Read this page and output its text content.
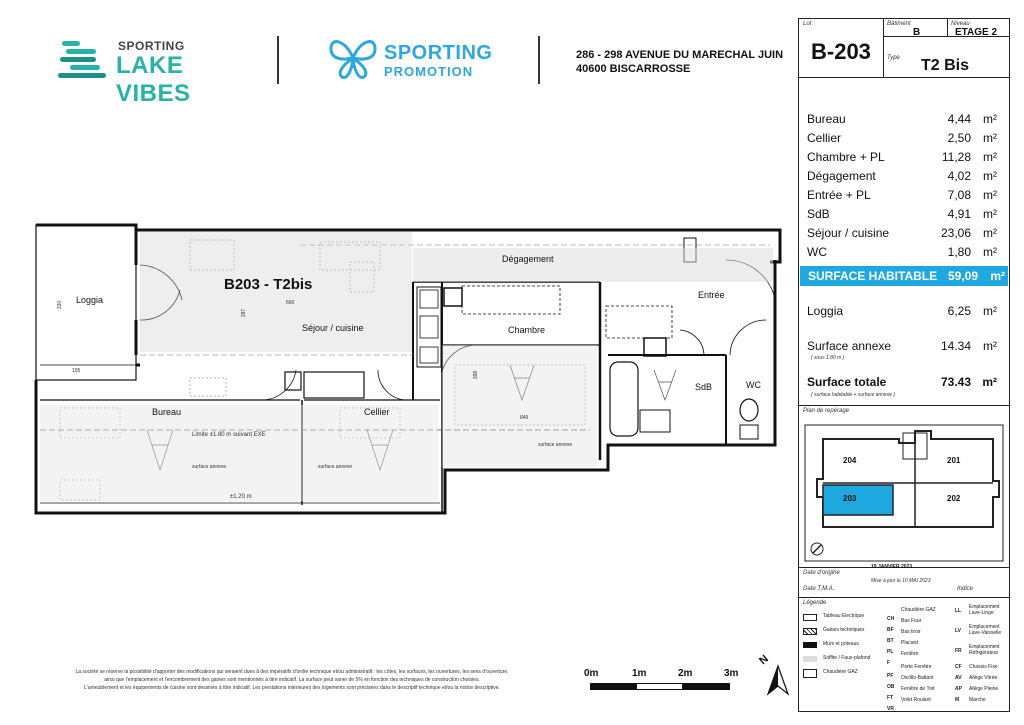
SPORTING
LAKE VIBES
SPORTING
PROMOTION
286 - 298 AVENUE DU MARECHAL JUIN
40600 BISCARROSSE
Lot
B-203
Bâtiment
B
Niveau
ETAGE 2
Type T2 Bis
Bureau	4,44 m²
Cellier	2,50 m²
Chambre + PL	11,28 m²
Dégagement	4,02 m²
Entrée + PL	7,08 m²
SdB	4,91 m²
Séjour / cuisine	23,06 m²
WC	1,80 m²
SURFACE HABITABLE 59,09 m²
Loggia	6,25 m²
Surface annexe	14.34 m²
( sous 1.80 m )
Surface totale	73.43 m²
( surface habitable + surface annexe )
Plan de repérage
204	201
203	202
Date d'origine
19 JANVIER 2023
Mise à jour le 10 MAI 2023
Date T.M.A.	Indice
Légende
Tableau Electrique
Gaines techniques
Murs et poteaux
Soffite / Faux-plafond
Chaudière GAZ
CH
Chaudière GAZ
BF
Bas Four
BT
Bas tiroir
PL
Placard
F
Fenêtre
PF
Porte Fenêtre
OB
Oscillo-Battant
FT
Fenêtre de Toit
VR
Volet Roulant
LL
Emplacement Lave-Linge
LV
Emplacement Lave-Vaisselle
FR
Emplacement Réfrigérateur
CF Chassis Fixe
AV Allège Vitrée
AP Allège Pleine
M Marche
B203 - T2bis
Loggia
Dégagement
Entrée
Séjour / cuisine	Chambre
SdB	WC
Bureau	Cellier
surface annexe	surface annexe
surface annexe
Limite ±1.80 m suivant EXE
±1.20 m
330
195
660
287
398
849
La société se réserve la possibilité d'apporter des modifications qui seraient dues à des impératifs d'ordre technique et/ou administratif : les côtes, les surfaces, les ouvertures, les sens d'ouverture,
ainsi que l'emplacement et l'encombrement des gaines sont mentionnés à titre indicatif. La surface peut varier de 5% en fonction des techniques de construction choisies.
L'ameublement et les équipements de cuisine sont dessinés à titre indicatif. Les prestations intérieures des logements sont précisées dans le descriptif technique et/ou la notice descriptive.
0m	1m	2m	3m
N
